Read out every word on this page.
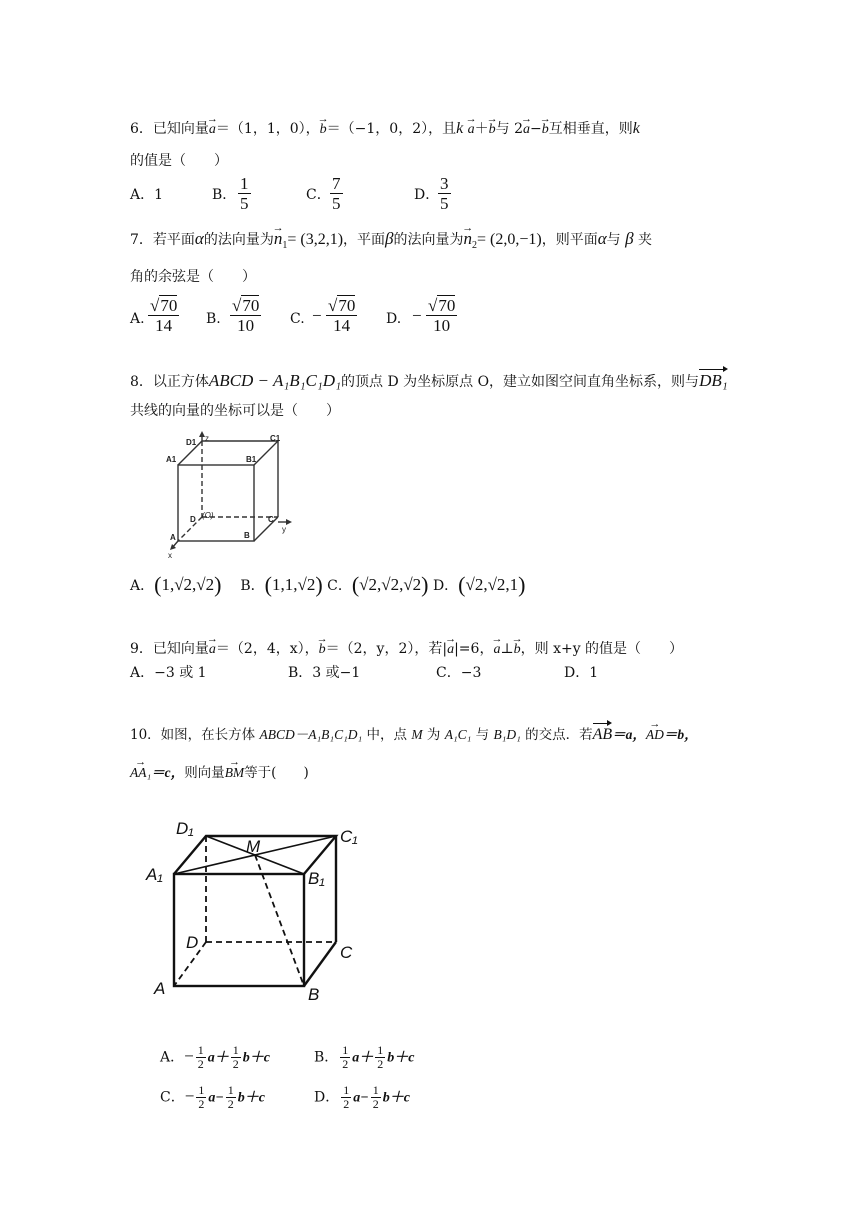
6．已知向量→ a＝（1，1，0），→ b＝（−1，0，2），且k → a＋→ b与 2→ a−→ b互相垂直，则k
的值是（　　）
A．1	B． $\frac{1}{5}$	C． $\frac{7}{5}$	D．
$\frac{3}{5}$
7．若平面α的法向量为→ $n_1= (3,2,1)$，平面β的法向量为→ $n_2= (2,0,-1)$，则平面α与 β 夹
角的余弦是（　　）
A. $\frac{√70}{14} B$. $\frac{√70}{10} C$. − $\frac{√70}{14} D$. − $\frac{√70}{10}$
8．以正方体ABCD − A₁B₁C₁D₁的顶点 D 为坐标原点 O，建立如图空间直角坐标系，则与DB₁
共线的向量的坐标可以是（　　）
D1 z	C1
A1	B1
D (O)	C
A	B
y
x
A．(1,√2,√2) B．(1,1,√2) C．(√2,√2,√2) D．(√2,√2,1)
9．已知向量→ a＝（2，4，x），→ b＝（2，y，2），若|→ a|=6，→ a⊥→ b，则 x+y 的值是（　　）
A．−3 或 1	B．3 或−1	C．−3	D．1
10．如图，在长方体 ABCD－A₁B₁C₁D₁ 中，点 M 为 A₁C₁ 与 B₁D₁ 的交点．若AB＝a，→ AD＝b，
→ AA₁＝c，则向量→ BM等于(　　)
D₁
M
C₁
A₁	B₁
D
C
A	B
A．− $\frac{1}{2} a+ \frac{1}{2} b+c$	B． $\frac{1}{2} a+ \frac{1}{2} b+c$
C．− $\frac{1}{2} a- \frac{1}{2} b+c$	D． $\frac{1}{2} a- \frac{1}{2} b+c$
